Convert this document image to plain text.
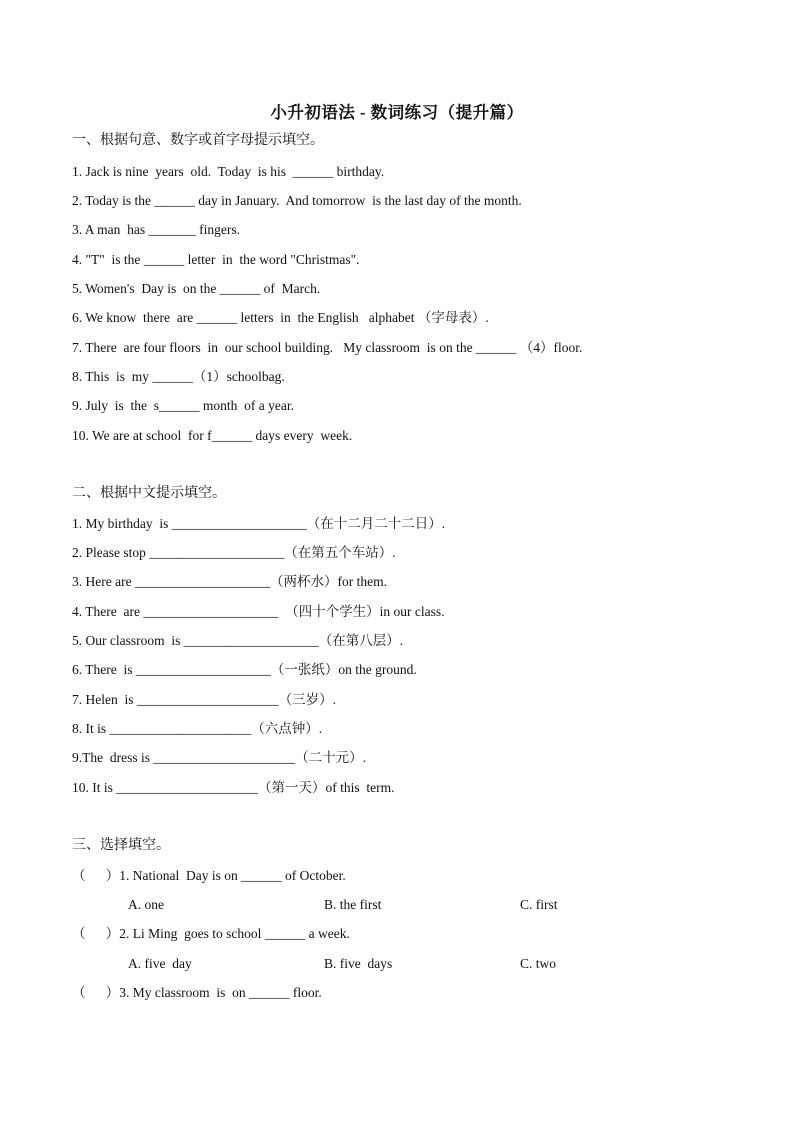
小升初语法 - 数词练习（提升篇）
一、根据句意、数字或首字母提示填空。
1. Jack is nine  years  old.  Today  is his  ______ birthday.
2. Today is the ______ day in January.  And tomorrow  is the last day of the month.
3. A man  has _______ fingers.
4. "T"  is the ______ letter  in  the word "Christmas".
5. Women's  Day is  on the ______ of  March.
6. We know  there  are ______ letters  in  the English   alphabet （字母表）.
7. There  are four floors  in  our school building.   My classroom  is on the ______ （4）floor.
8. This  is  my ______（1）schoolbag.
9. July  is  the  s______ month  of a year.
10. We are at school  for f______ days every  week.
二、根据中文提示填空。
1. My birthday  is ____________________（在十二月二十二日）.
2. Please stop ____________________（在第五个车站）.
3. Here are ____________________（两杯水）for them.
4. There  are ____________________  （四十个学生）in our class.
5. Our classroom  is ____________________（在第八层）.
6. There  is ____________________（一张纸）on the ground.
7. Helen  is _____________________（三岁）.
8. It is _____________________（六点钟）.
9.The  dress is _____________________（二十元）.
10. It is _____________________（第一天）of this  term.
三、选择填空。
（      ）1. National  Day is on ______ of October.
A. one	B. the first	C. first
（      ）2. Li Ming  goes to school ______ a week.
A. five  day	B. five  days	C. two
（      ）3. My classroom  is  on ______ floor.
